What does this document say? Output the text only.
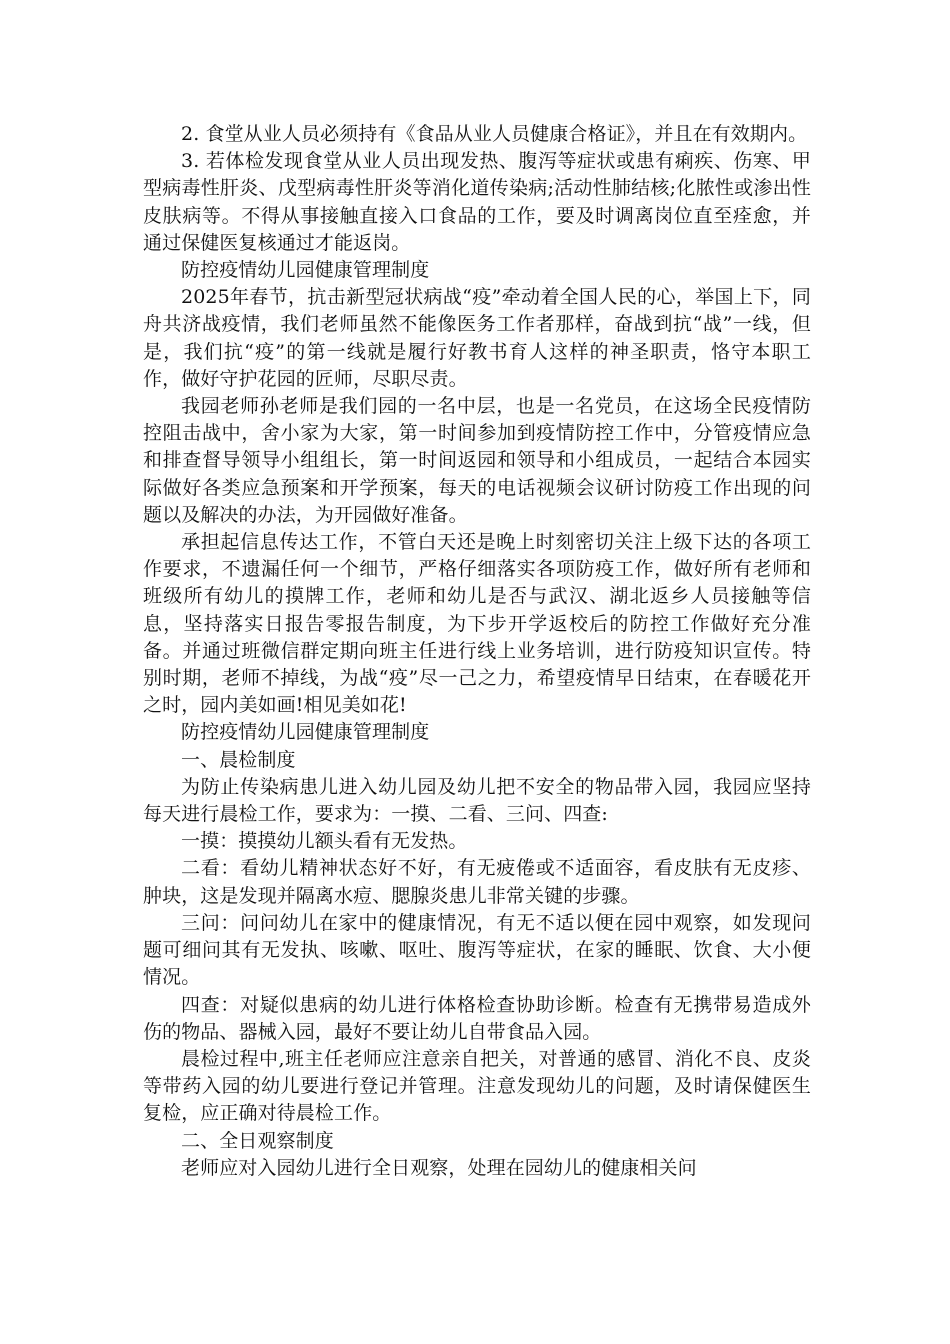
2. 食堂从业人员必须持有《食品从业人员健康合格证》，并且在有效期内。

3. 若体检发现食堂从业人员出现发热、腹泻等症状或患有痢疾、伤寒、甲型病毒性肝炎、戊型病毒性肝炎等消化道传染病;活动性肺结核;化脓性或渗出性皮肤病等。不得从事接触直接入口食品的工作，要及时调离岗位直至痊愈，并通过保健医复核通过才能返岗。

防控疫情幼儿园健康管理制度

2025年春节，抗击新型冠状病战“疫”牵动着全国人民的心，举国上下，同舟共济战疫情，我们老师虽然不能像医务工作者那样，奋战到抗“战”一线，但是，我们抗“疫”的第一线就是履行好教书育人这样的神圣职责，恪守本职工作，做好守护花园的匠师，尽职尽责。

我园老师孙老师是我们园的一名中层，也是一名党员，在这场全民疫情防控阻击战中，舍小家为大家，第一时间参加到疫情防控工作中，分管疫情应急和排查督导领导小组组长，第一时间返园和领导和小组成员，一起结合本园实际做好各类应急预案和开学预案，每天的电话视频会议研讨防疫工作出现的问题以及解决的办法，为开园做好准备。

承担起信息传达工作，不管白天还是晚上时刻密切关注上级下达的各项工作要求，不遗漏任何一个细节，严格仔细落实各项防疫工作，做好所有老师和班级所有幼儿的摸牌工作，老师和幼儿是否与武汉、湖北返乡人员接触等信息，坚持落实日报告零报告制度，为下步开学返校后的防控工作做好充分准备。并通过班微信群定期向班主任进行线上业务培训，进行防疫知识宣传。特别时期，老师不掉线，为战“疫”尽一己之力，希望疫情早日结束，在春暖花开之时，园内美如画!相见美如花!

防控疫情幼儿园健康管理制度

一、晨检制度

为防止传染病患儿进入幼儿园及幼儿把不安全的物品带入园，我园应坚持每天进行晨检工作，要求为：一摸、二看、三问、四查:

一摸：摸摸幼儿额头看有无发热。

二看：看幼儿精神状态好不好，有无疲倦或不适面容，看皮肤有无皮疹、肿块，这是发现并隔离水痘、腮腺炎患儿非常关键的步骤。

三问：问问幼儿在家中的健康情况，有无不适以便在园中观察，如发现问题可细问其有无发执、咳嗽、呕吐、腹泻等症状，在家的睡眠、饮食、大小便情况。

四查：对疑似患病的幼儿进行体格检查协助诊断。检查有无携带易造成外伤的物品、器械入园，最好不要让幼儿自带食品入园。

晨检过程中,班主任老师应注意亲自把关，对普通的感冒、消化不良、皮炎等带药入园的幼儿要进行登记并管理。注意发现幼儿的问题，及时请保健医生复检，应正确对待晨检工作。

二、全日观察制度

老师应对入园幼儿进行全日观察，处理在园幼儿的健康相关问
